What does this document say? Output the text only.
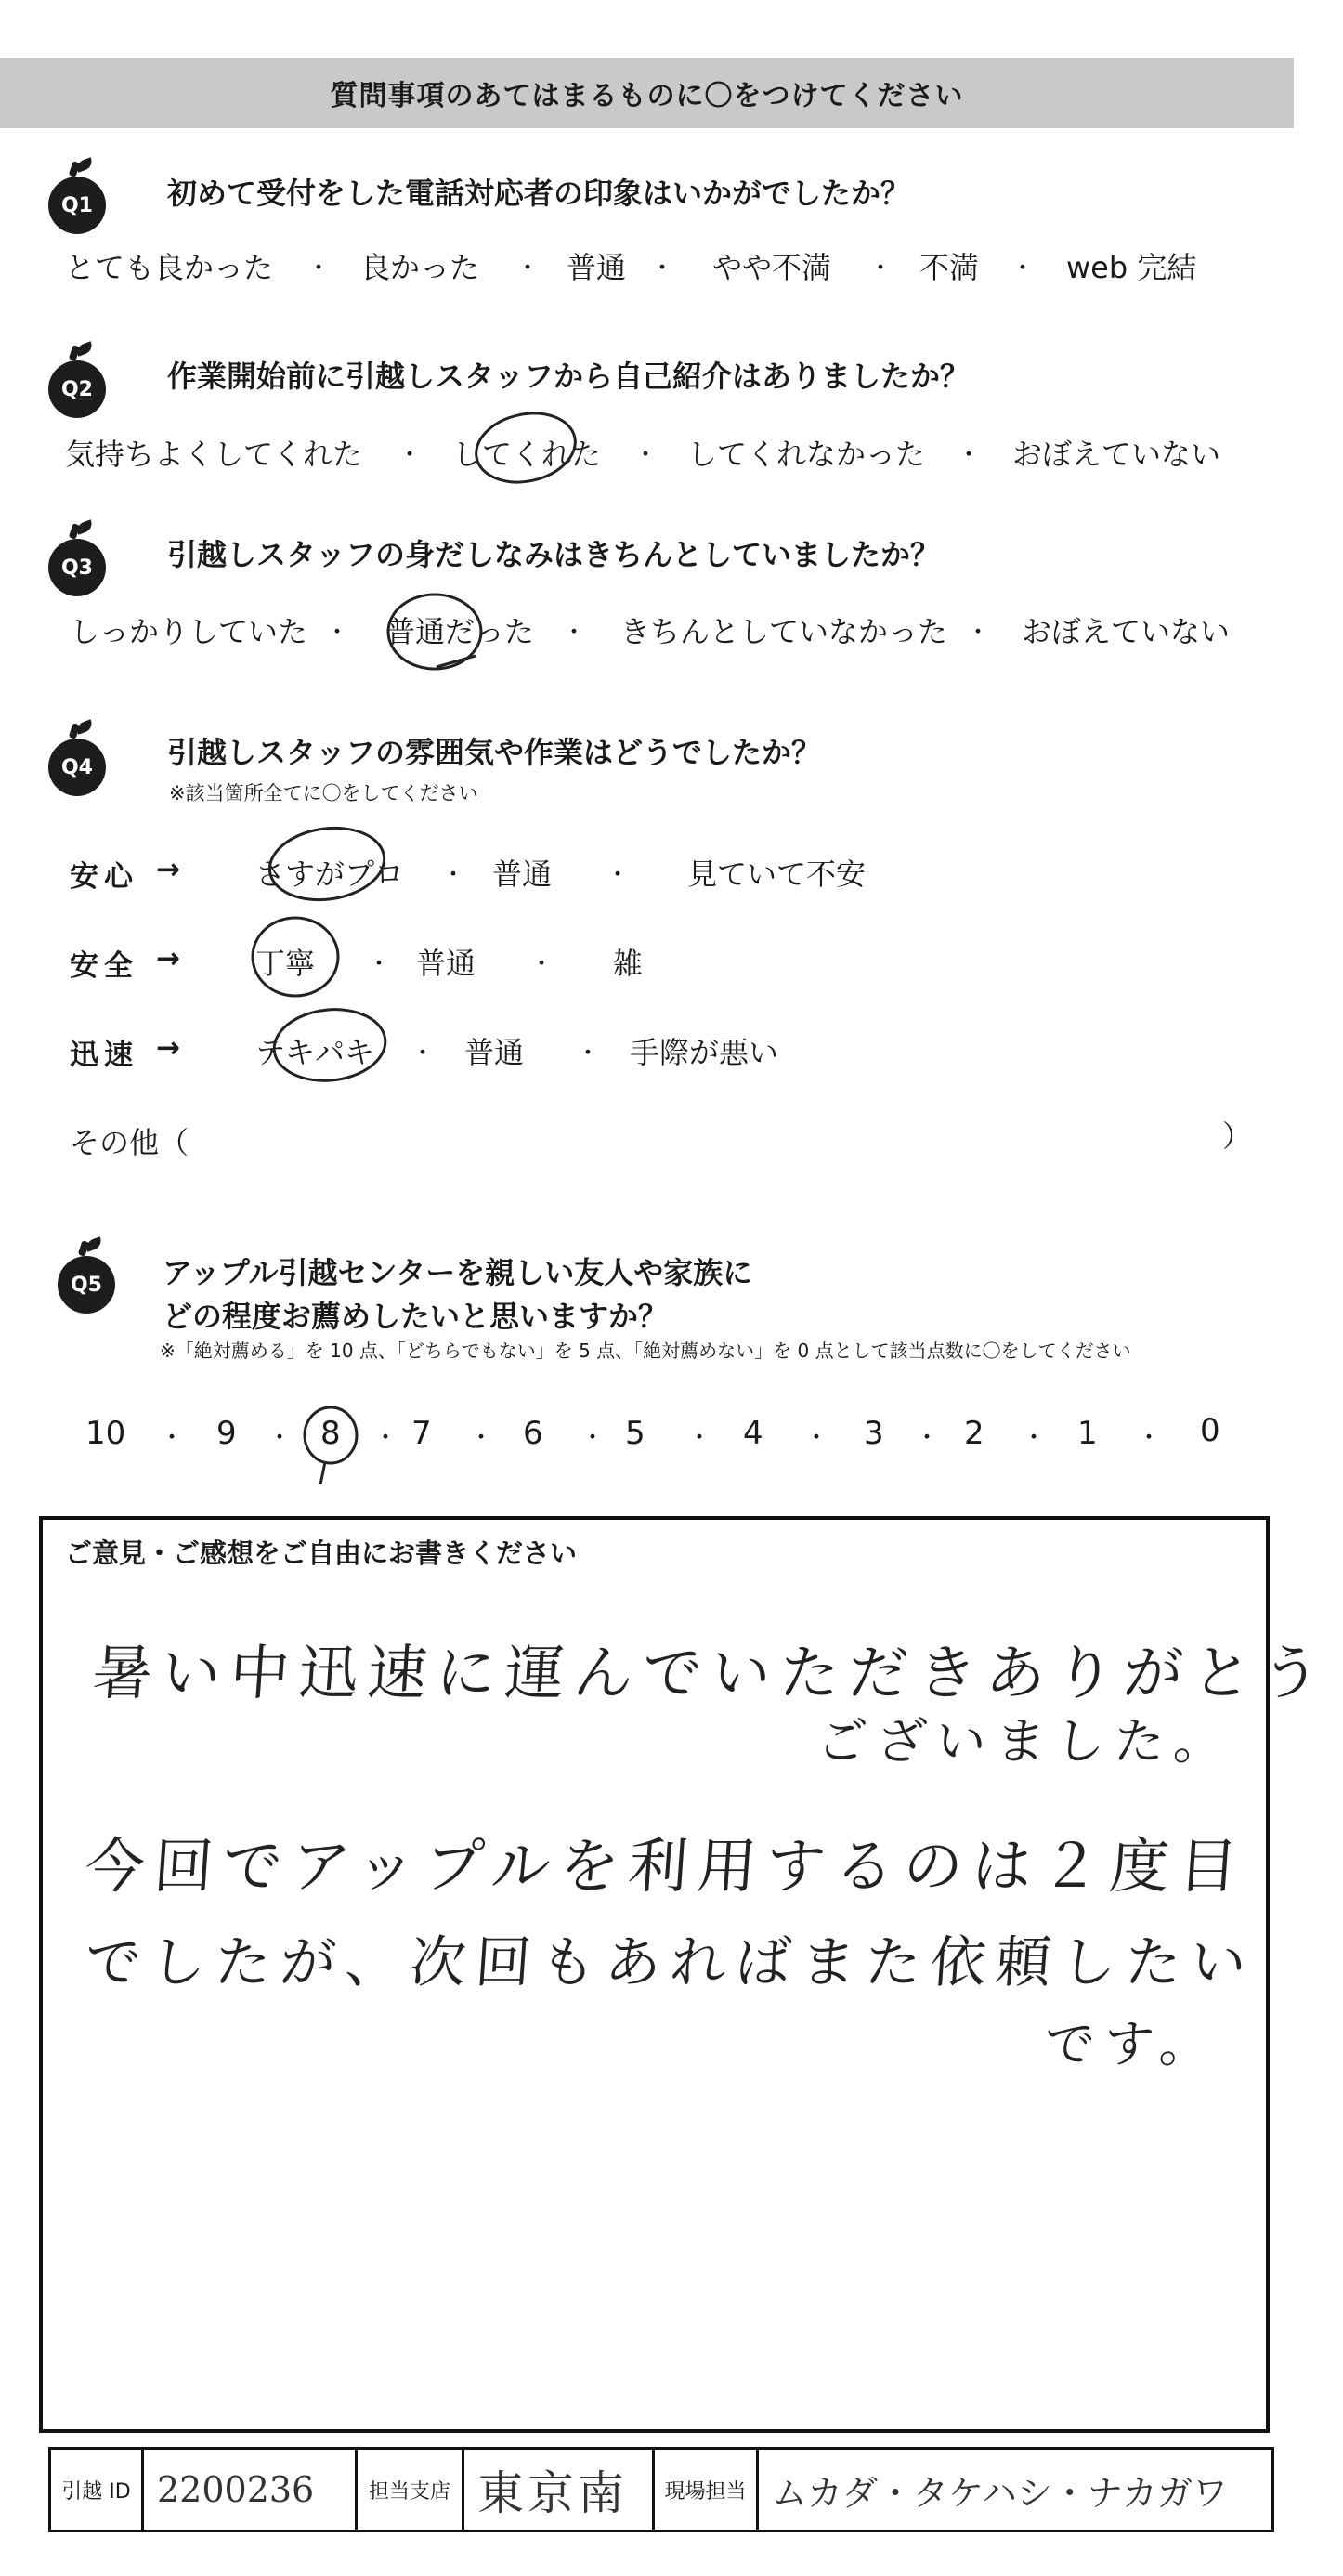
質問事項のあてはまるものに〇をつけてください
Q1	初めて受付をした電話対応者の印象はいかがでしたか？
とても良かった ・ 良かった ・ 普通 ・ やや不満 ・ 不満 ・ web 完結
Q2	作業開始前に引越しスタッフから自己紹介はありましたか？
気持ちよくしてくれた ・ してくれた ・ してくれなかった ・ おぼえていない
Q3	引越しスタッフの身だしなみはきちんとしていましたか？
しっかりしていた ・ 普通だった ・ きちんとしていなかった ・ おぼえていない
Q4	引越しスタッフの雰囲気や作業はどうでしたか？
※該当箇所全てに〇をしてください
安心 → さすがプロ ・ 普通 ・ 見ていて不安
安全 → 丁寧 ・ 普通 ・ 雑
迅速 → テキパキ ・ 普通 ・ 手際が悪い
その他（	）
Q5 アップル引越センターを親しい友人や家族に
どの程度お薦めしたいと思いますか？
※「絶対薦める」を 10 点、「どちらでもない」を 5 点、「絶対薦めない」を 0 点として該当点数に〇をしてください
10 ・ 9 ・ 8 ・ 7 ・ 6 ・ 5 ・ 4 ・ 3 ・ 2 ・ 1 ・ 0
ご意見・ご感想をご自由にお書きください
暑い中迅速に運んでいただきありがとう
ございました。
今回でアップルを利用するのは２度目
でしたが、次回もあればまた依頼したい
です。
引越 ID 2200236	担当支店 東京南	現場担当 ムカダ・タケハシ・ナカガワ
